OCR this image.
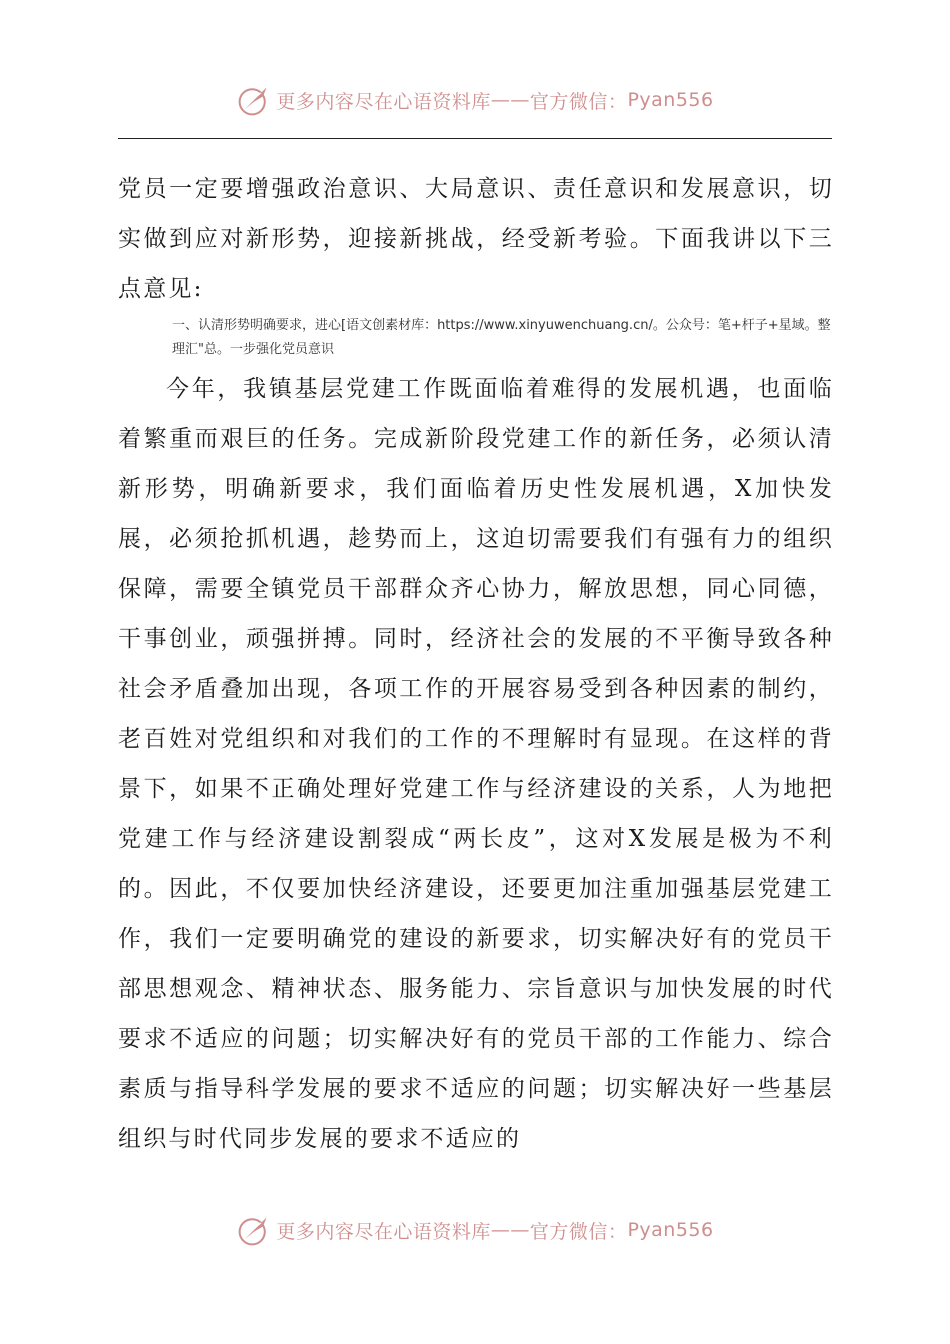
更多内容尽在心语资料库 —— 官方微信： Pyan556

党员一定要增强政治意识、大局意识、责任意识和发展意识，切实做到应对新形势，迎接新挑战，经受新考验。下面我讲以下三点意见:

一、认清形势明确要求，进心[语文创素材库：https://www.xinyuwenchuang.cn/。公众号：笔+杆子+星域。整理汇"总。一步强化党员意识

今年，我镇基层党建工作既面临着难得的发展机遇，也面临着繁重而艰巨的任务。完成新阶段党建工作的新任务，必须认清新形势，明确新要求，我们面临着历史性发展机遇，X加快发展，必须抢抓机遇，趁势而上，这迫切需要我们有强有力的组织保障，需要全镇党员干部群众齐心协力，解放思想，同心同德，干事创业，顽强拼搏。同时，经济社会的发展的不平衡导致各种社会矛盾叠加出现，各项工作的开展容易受到各种因素的制约，老百姓对党组织和对我们的工作的不理解时有显现。在这样的背景下，如果不正确处理好党建工作与经济建设的关系，人为地把党建工作与经济建设割裂成“两长皮”，这对X发展是极为不利的。因此，不仅要加快经济建设，还要更加注重加强基层党建工作，我们一定要明确党的建设的新要求，切实解决好有的党员干部思想观念、精神状态、服务能力、宗旨意识与加快发展的时代要求不适应的问题；切实解决好有的党员干部的工作能力、综合素质与指导科学发展的要求不适应的问题；切实解决好一些基层组织与时代同步发展的要求不适应的

更多内容尽在心语资料库 —— 官方微信： Pyan556
